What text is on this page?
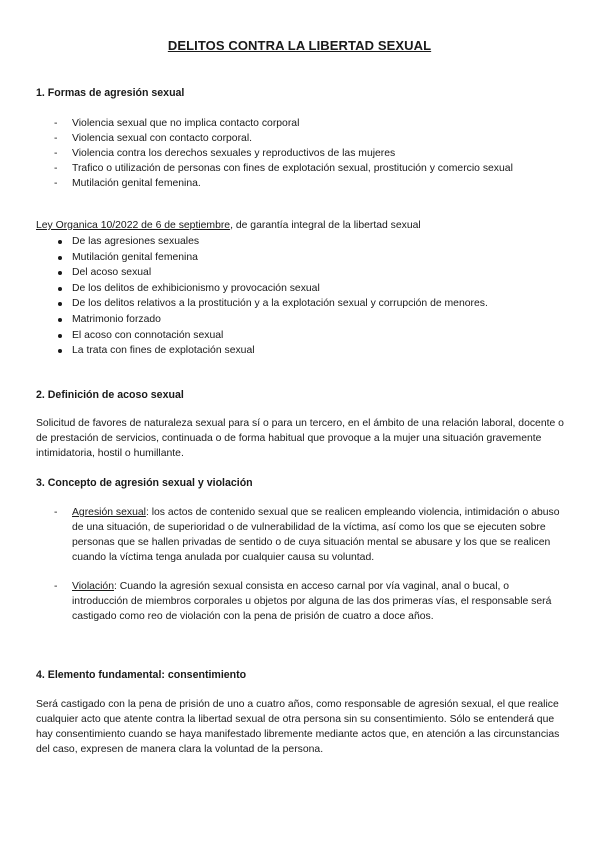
DELITOS CONTRA LA LIBERTAD SEXUAL
1. Formas de agresión sexual
- Violencia sexual que no implica contacto corporal
- Violencia sexual con contacto corporal.
- Violencia contra los derechos sexuales y reproductivos de las mujeres
- Trafico o utilización de personas con fines de explotación sexual, prostitución y comercio sexual
- Mutilación genital femenina.
Ley Organica 10/2022 de 6 de septiembre, de garantía integral de la libertad sexual
De las agresiones sexuales
Mutilación genital femenina
Del acoso sexual
De los delitos de exhibicionismo y provocación sexual
De los delitos relativos a la prostitución y a la explotación sexual y corrupción de menores.
Matrimonio forzado
El acoso con connotación sexual
La trata con fines de explotación sexual
2. Definición de acoso sexual
Solicitud de favores de naturaleza sexual para sí o para un tercero, en el ámbito de una relación laboral, docente o de prestación de servicios, continuada o de forma habitual que provoque a la mujer una situación gravemente intimidatoria, hostil o humillante.
3. Concepto de agresión sexual y violación
- Agresión sexual: los actos de contenido sexual que se realicen empleando violencia, intimidación o abuso de una situación, de superioridad o de vulnerabilidad de la víctima, así como los que se ejecuten sobre personas que se hallen privadas de sentido o de cuya situación mental se abusare y los que se realicen cuando la víctima tenga anulada por cualquier causa su voluntad.
- Violación: Cuando la agresión sexual consista en acceso carnal por vía vaginal, anal o bucal, o introducción de miembros corporales u objetos por alguna de las dos primeras vías, el responsable será castigado como reo de violación con la pena de prisión de cuatro a doce años.
4. Elemento fundamental: consentimiento
Será castigado con la pena de prisión de uno a cuatro años, como responsable de agresión sexual, el que realice cualquier acto que atente contra la libertad sexual de otra persona sin su consentimiento. Sólo se entenderá que hay consentimiento cuando se haya manifestado libremente mediante actos que, en atención a las circunstancias del caso, expresen de manera clara la voluntad de la persona.
